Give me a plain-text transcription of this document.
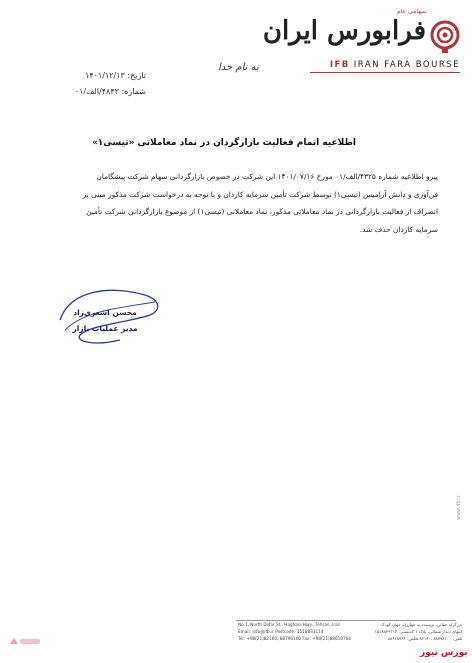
سهامی عام
فرابورس ایران
IFB IRAN FARA BOURSE
به نام خدا
تاریخ: ۱۴۰۱/۱۲/۱۳
شماره: ۴۸۴۲/الف/۰۱
اطلاعیه اتمام فعالیت بازارگردان در نماد معاملاتی «تیسی۱»
پیرو اطلاعیه شماره ۴۳۲۵/الف/۰۱ مورخ ۱۴۰۱/۰۷/۱۶ این شرکت در خصوص بازارگردانی سهام شرکت پیشگامان
فن‌آوری و دانش آرامیس (تیسی۱) توسط شرکت تأمین سرمایه کاردان و با توجه به درخواست شرکت مذکور مبنی بر
انصراف از فعالیت بازارگردانی در نماد معاملاتی مذکور، نماد معاملاتی (تیسی۱) از موضوع بازارگردانی شرکت تأمین
سرمایه کاردان حذف شد.
محسن اشعری‌زاد
مدیر عملیات بازار
www.ifb.ir
No.1, North Didar St., Haghani Hwy., Tehran, Iran
Email: info@ifb.ir Postcode: 1518833114
Tel: +98(21)82160, 88796100 Fax: +98(21)88618764
بزرگراه حقانی، نرسیده به چهارراه جهان کودک
انتهای دیدار شمالی، پلاک ۱ کدپستی: ۱۵۱۸۸۳۳۱۱۴
تلفن: ۸۸۷۹۶۱۰۰ ،۸۲۱۶۰ فکس: ۸۸۶۱۸۷۶۴
بورس نیوز
